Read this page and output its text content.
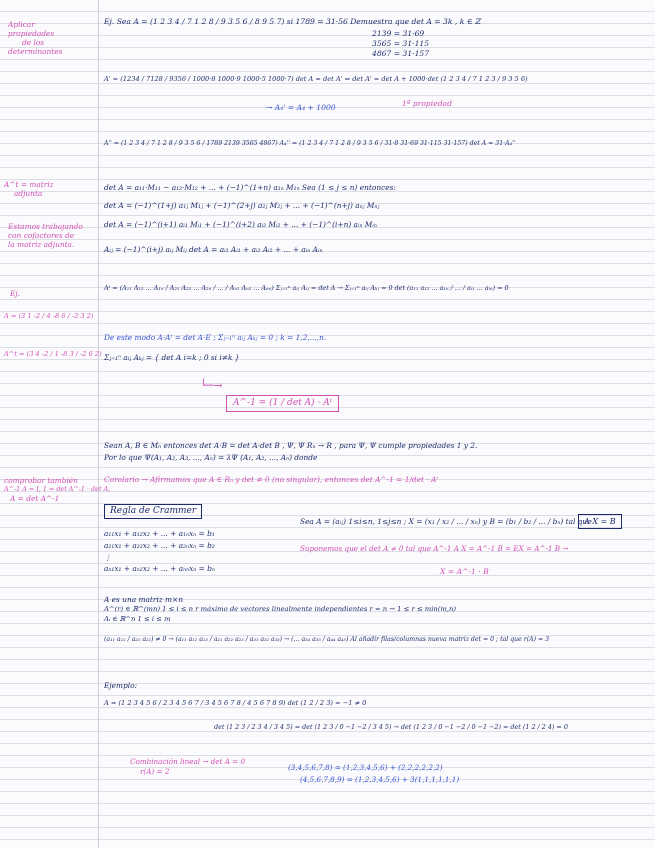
Aplicar
propiedades
de los
determinantes
A^t = matriz
adjunta
Estamos trabajando
con cofactores de
la matriz adjunta.
Ej.
A = (3 1 -2 / 4 -8 6 / -2 3 2)
A^t = (3 4 -2 / 1 -8 3 / -2 6 2)
comprobar también
A^-1 A = I, 1 = det A^-1 · det A,
A = det A^-1
Ej. Sea A = (1 2 3 4 / 7 1 2 8 / 9 3 5 6 / 8 9 5 7) si 1789 = 31·56 Demuestra que det A = 3k , k ∈ ℤ
2139 = 31·69
3565 = 31·115
4867 = 31·157
A' = (1234 / 7128 / 9356 / 1000·8 1000·9 1000·5 1000·7) det A = det A' ⇒ det A' = det A + 1000·det (1 2 3 4 / 7 1 2 3 / 9 3 5 6)
→ A₄' = A₄ + 1000	1ª propiedad
A'' = (1 2 3 4 / 7 1 2 8 / 9 3 5 6 / 1789 2139 3565 4867) A₄'' = (1 2 3 4 / 7 1 2 8 / 9 3 5 6 / 31·8 31·69 31·115 31·157) det A = 31·A₄''
det A = a₁₁·M₁₁ − a₁₂·M₁₂ + ... + (−1)^(1+n) a₁ₙ M₁ₙ Sea (1 ≤ j ≤ n) entonces:
det A = (−1)^(1+j) a₁ⱼ M₁ⱼ + (−1)^(2+j) a₂ⱼ M₂ⱼ + ... + (−1)^(n+j) aₙⱼ Mₙⱼ
det A = (−1)^(i+1) aᵢ₁ Mᵢ₁ + (−1)^(i+2) aᵢ₂ Mᵢ₂ + ... + (−1)^(i+n) aᵢₙ Mᵢₙ
Aᵢⱼ = (−1)^(i+j) aᵢⱼ Mᵢⱼ det A = aᵢ₁ Aᵢ₁ + aᵢ₂ Aᵢ₂ + ... + aᵢₙ Aᵢₙ
Aᵗ = (A₁₁ A₁₂ ... A₁ₙ / A₂₁ A₂₂ ... A₂ₙ / ... / Aₙ₁ Aₙ₂ ... Aₙₙ) Σⱼ₌₁ⁿ aᵢⱼ Aᵢⱼ = det A → Σⱼ₌₁ⁿ aᵢⱼ Aₖⱼ = 0 det (a₁₁ a₁₂ ... a₁ₙ / ... / aᵢ₁ ... aᵢₙ) = 0
De este modo A·Aᵗ = det A·E ; Σⱼ₌₁ⁿ aᵢⱼ Aₖⱼ = 0 ; k = 1,2,...,n.
Σⱼ₌₁ⁿ aᵢⱼ Aₖⱼ = { det A i=k ; 0 si i≠k }
└─→
A^-1 = (1 / det A) · Aᵗ
Sean A, B ∈ Mₙ entonces det A·B = det A·det B , Ψ, Ψ Rₙ → R , para Ψ, Ψ cumple propiedades 1 y 2.
Por lo que Ψ(A₁, A₂, A₃, ..., Aₙ) = λΨ (A₁, A₂, ..., Aₙ) donde
Corolario → Afirmamos que A ∈ Rₙ y det ≠ 0 (no singular), entonces det A^-1 = 1/det · Aᵗ
Regla de Crammer
Sea A = (aᵢⱼ) 1≤i≤n, 1≤j≤n ; X = (x₁ / x₂ / ... / xₙ) y B = (b₁ / b₂ / ... / bₙ) tal que
A·X = B
a₁₁x₁ + a₁₂x₂ + ... + a₁ₙxₙ = b₁
a₂₁x₁ + a₂₂x₂ + ... + a₂ₙxₙ = b₂
⋮
aₙ₁x₁ + aₙ₂x₂ + ... + aₙₙxₙ = bₙ
Suponemos que el det A ≠ 0 tal que A^-1 A X = A^-1 B = EX = A^-1 B →
X = A^-1 · B
A es una matriz m×n
A^(r) ∈ ℝ^(mn) 1 ≤ i ≤ n r máximo de vectores linealmente independientes r = n → 1 ≤ r ≤ min(m,n)
Aᵢ ∈ ℝ^n 1 ≤ i ≤ m
(a₁₁ a₁₂ / a₂₁ a₂₂) ≠ 0 → (a₁₁ a₁₂ a₁₃ / a₂₁ a₂₂ a₂₃ / a₃₁ a₃₂ a₃₃) → (... a₃₄ a₃₅ / a₄₄ a₄₅) Al añadir filas/columnas nueva matriz det = 0 ; tal que r(A) = 3
Ejemplo:
A = (1 2 3 4 5 6 / 2 3 4 5 6 7 / 3 4 5 6 7 8 / 4 5 6 7 8 9) det (1 2 / 2 3) = −1 ≠ 0
det (1 2 3 / 2 3 4 / 3 4 5) = det (1 2 3 / 0 −1 −2 / 3 4 5) → det (1 2 3 / 0 −1 −2 / 0 −1 −2) = det (1 2 / 2 4) = 0
Combinación lineal → det A = 0
r(A) = 2	(3,4,5,6,7,8) = (1,2,3,4,5,6) + (2,2,2,2,2,2)
(4,5,6,7,8,9) = (1,2,3,4,5,6) + 3(1,1,1,1,1,1)
